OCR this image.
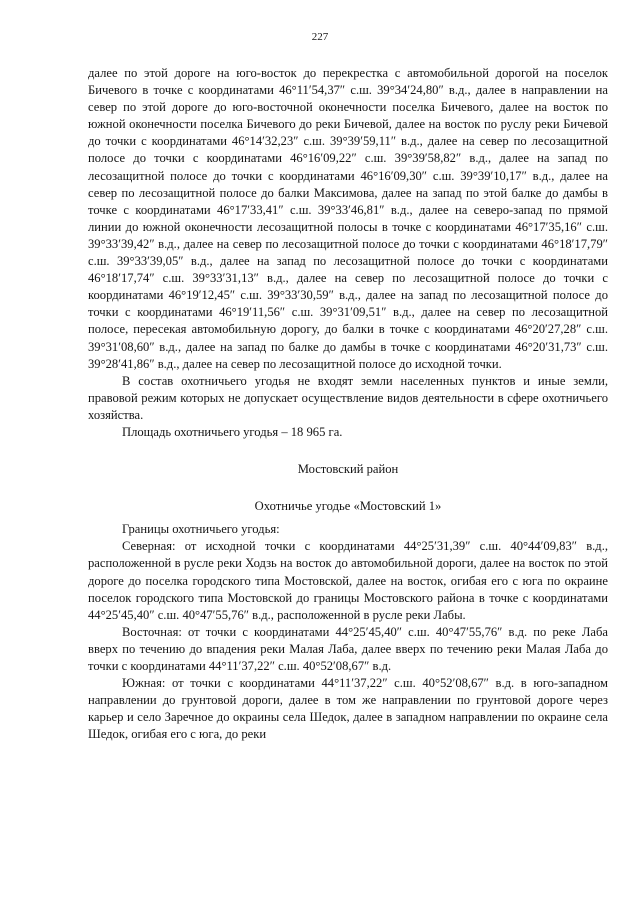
227

далее по этой дороге на юго-восток до перекрестка с автомобильной дорогой на поселок Бичевого в точке с координатами 46°11′54,37″ с.ш. 39°34′24,80″ в.д., далее в направлении на север по этой дороге до юго-восточной оконечности поселка Бичевого, далее на восток по южной оконечности поселка Бичевого до реки Бичевой, далее на восток по руслу реки Бичевой до точки с координатами 46°14′32,23″ с.ш. 39°39′59,11″ в.д., далее на север по лесозащитной полосе до точки с координатами 46°16′09,22″ с.ш. 39°39′58,82″ в.д., далее на запад по лесозащитной полосе до точки с координатами 46°16′09,30″ с.ш. 39°39′10,17″ в.д., далее на север по лесозащитной полосе до балки Максимова, далее на запад по этой балке до дамбы в точке с координатами 46°17′33,41″ с.ш. 39°33′46,81″ в.д., далее на северо-запад по прямой линии до южной оконечности лесозащитной полосы в точке с координатами 46°17′35,16″ с.ш. 39°33′39,42″ в.д., далее на север по лесозащитной полосе до точки с координатами 46°18′17,79″ с.ш. 39°33′39,05″ в.д., далее на запад по лесозащитной полосе до точки с координатами 46°18′17,74″ с.ш. 39°33′31,13″ в.д., далее на север по лесозащитной полосе до точки с координатами 46°19′12,45″ с.ш. 39°33′30,59″ в.д., далее на запад по лесозащитной полосе до точки с координатами 46°19′11,56″ с.ш. 39°31′09,51″ в.д., далее на север по лесозащитной полосе, пересекая автомобильную дорогу, до балки в точке с координатами 46°20′27,28″ с.ш. 39°31′08,60″ в.д., далее на запад по балке до дамбы в точке с координатами 46°20′31,73″ с.ш. 39°28′41,86″ в.д., далее на север по лесозащитной полосе до исходной точки.

В состав охотничьего угодья не входят земли населенных пунктов и иные земли, правовой режим которых не допускает осуществление видов деятельности в сфере охотничьего хозяйства.

Площадь охотничьего угодья – 18 965 га.

Мостовский район

Охотничье угодье «Мостовский 1»

Границы охотничьего угодья:

Северная: от исходной точки с координатами 44°25′31,39″ с.ш. 40°44′09,83″ в.д., расположенной в русле реки Ходзь на восток до автомобильной дороги, далее на восток по этой дороге до поселка городского типа Мостовской, далее на восток, огибая его с юга по окраине поселок городского типа Мостовской до границы Мостовского района в точке с координатами 44°25′45,40″ с.ш. 40°47′55,76″ в.д., расположенной в русле реки Лабы.

Восточная: от точки с координатами 44°25′45,40″ с.ш. 40°47′55,76″ в.д. по реке Лаба вверх по течению до впадения реки Малая Лаба, далее вверх по течению реки Малая Лаба до точки с координатами 44°11′37,22″ с.ш. 40°52′08,67″ в.д.

Южная: от точки с координатами 44°11′37,22″ с.ш. 40°52′08,67″ в.д. в юго-западном направлении до грунтовой дороги, далее в том же направлении по грунтовой дороге через карьер и село Заречное до окраины села Шедок, далее в западном направлении по окраине села Шедок, огибая его с юга, до реки
